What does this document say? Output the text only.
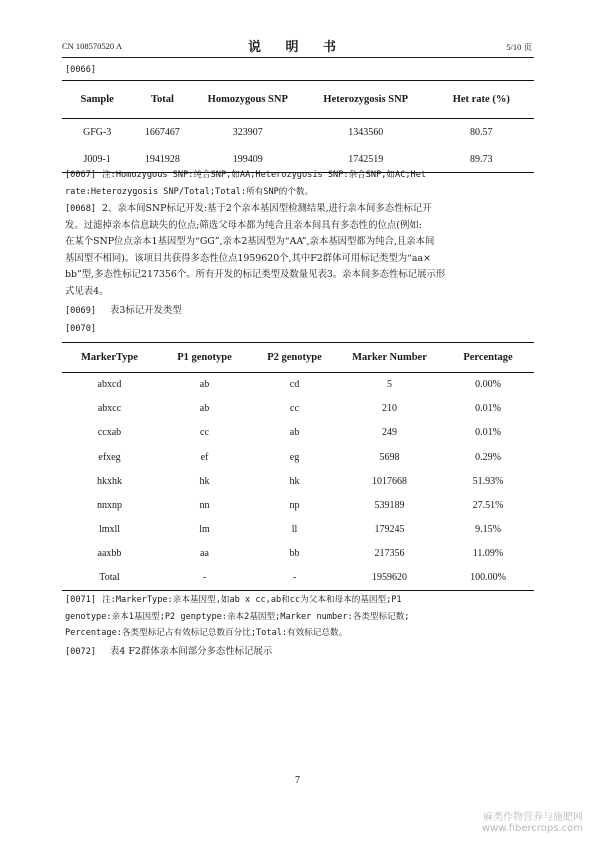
CN 108570520 A	说 明 书	5/10 页
[0066]
Sample	Total	Homozygous SNP	Heterozygosis SNP	Het rate (%)
GFG-3	1667467	323907	1343560	80.57
J009-1	1941928	199409	1742519	89.73
[0067] 注:Homozygous SNP:纯合SNP,如AA;Heterozygosis SNP:杂合SNP,如AC;Het
rate:Heterozygosis SNP/Total;Total:所有SNP的个数。
[0068] 2、亲本间SNP标记开发:基于2个亲本基因型检测结果,进行亲本间多态性标记开
发。过滤掉亲本信息缺失的位点;筛选父母本都为纯合且亲本间具有多态性的位点(例如:
在某个SNP位点亲本1基因型为“GG”,亲本2基因型为“AA”,亲本基因型都为纯合,且亲本间
基因型不相同)。该项目共获得多态性位点1959620个,其中F2群体可用标记类型为“aa×
bb”型,多态性标记217356个。所有开发的标记类型及数量见表3。亲本间多态性标记展示形
式见表4。
[0069] 表3标记开发类型
[0070]
MarkerType	P1 genotype	P2 genotype	Marker Number	Percentage
abxcd	ab	cd	5	0.00%
abxcc	ab	cc	210	0.01%
ccxab	cc	ab	249	0.01%
efxeg	ef	eg	5698	0.29%
hkxhk	hk	hk	1017668	51.93%
nnxnp	nn	np	539189	27.51%
lmxll	lm	ll	179245	9.15%
aaxbb	aa	bb	217356	11.09%
Total	-	-	1959620	100.00%
[0071] 注:MarkerType:亲本基因型,如ab x cc,ab和cc为父本和母本的基因型;P1
genotype:亲本1基因型;P2 genptype:亲本2基因型;Marker number:各类型标记数;
Percentage:各类型标记占有效标记总数百分比;Total:有效标记总数。
[0072] 表4 F2群体亲本间部分多态性标记展示
7
麻类作物营养与施肥网
www.fibercrops.com
